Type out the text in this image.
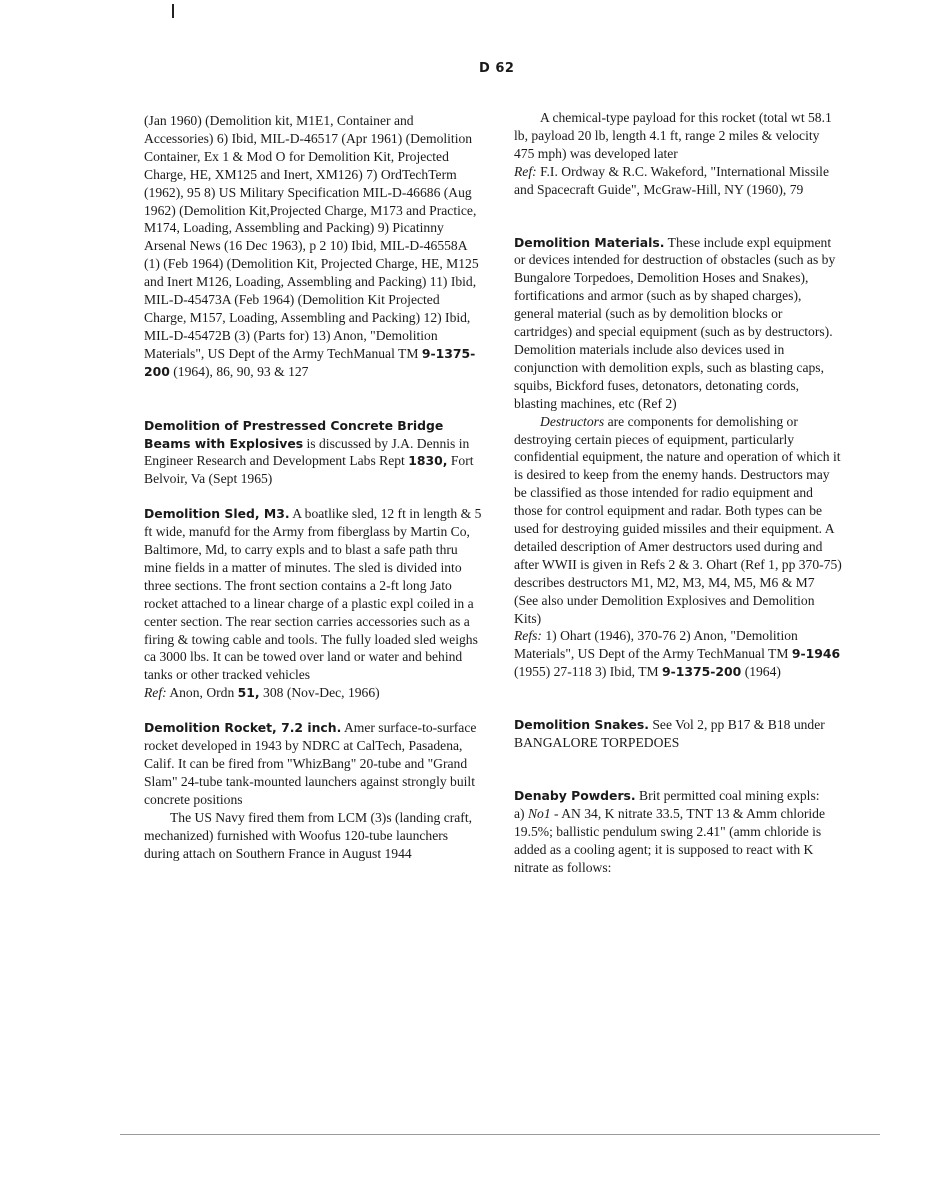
D 62

(Jan 1960) (Demolition kit, M1E1, Container and Accessories) 6) Ibid, MIL-D-46517 (Apr 1961) (Demolition Container, Ex 1 & Mod O for Demolition Kit, Projected Charge, HE, XM125 and Inert, XM126) 7) OrdTechTerm (1962), 95 8) US Military Specification MIL-D-46686 (Aug 1962) (Demolition Kit,Projected Charge, M173 and Practice, M174, Loading, Assembling and Packing) 9) Picatinny Arsenal News (16 Dec 1963), p 2 10) Ibid, MIL-D-46558A (1) (Feb 1964) (Demolition Kit, Projected Charge, HE, M125 and Inert M126, Loading, Assembling and Packing) 11) Ibid, MIL-D-45473A (Feb 1964) (Demolition Kit Projected Charge, M157, Loading, Assembling and Packing) 12) Ibid, MIL-D-45472B (3) (Parts for) 13) Anon, "Demolition Materials", US Dept of the Army TechManual TM 9-1375-200 (1964), 86, 90, 93 & 127

Demolition of Prestressed Concrete Bridge Beams with Explosives is discussed by J.A. Dennis in Engineer Research and Development Labs Rept 1830, Fort Belvoir, Va (Sept 1965)

Demolition Sled, M3. A boatlike sled, 12 ft in length & 5 ft wide, manufd for the Army from fiberglass by Martin Co, Baltimore, Md, to carry expls and to blast a safe path thru mine fields in a matter of minutes. The sled is divided into three sections. The front section contains a 2-ft long Jato rocket attached to a linear charge of a plastic expl coiled in a center section. The rear section carries accessories such as a firing & towing cable and tools. The fully loaded sled weighs ca 3000 lbs. It can be towed over land or water and behind tanks or other tracked vehicles

Ref: Anon, Ordn 51, 308 (Nov-Dec, 1966)

Demolition Rocket, 7.2 inch. Amer surface-to-surface rocket developed in 1943 by NDRC at CalTech, Pasadena, Calif. It can be fired from "WhizBang" 20-tube and "Grand Slam" 24-tube tank-mounted launchers against strongly built concrete positions

The US Navy fired them from LCM (3)s (landing craft, mechanized) furnished with Woofus 120-tube launchers during attach on Southern France in August 1944

A chemical-type payload for this rocket (total wt 58.1 lb, payload 20 lb, length 4.1 ft, range 2 miles & velocity 475 mph) was developed later

Ref: F.I. Ordway & R.C. Wakeford, "International Missile and Spacecraft Guide", McGraw-Hill, NY (1960), 79

Demolition Materials. These include expl equipment or devices intended for destruction of obstacles (such as by Bungalore Torpedoes, Demolition Hoses and Snakes), fortifications and armor (such as by shaped charges), general material (such as by demolition blocks or cartridges) and special equipment (such as by destructors). Demolition materials include also devices used in conjunction with demolition expls, such as blasting caps, squibs, Bickford fuses, detonators, detonating cords, blasting machines, etc (Ref 2)

Destructors are components for demolishing or destroying certain pieces of equipment, particularly confidential equipment, the nature and operation of which it is desired to keep from the enemy hands. Destructors may be classified as those intended for radio equipment and those for control equipment and radar. Both types can be used for destroying guided missiles and their equipment. A detailed description of Amer destructors used during and after WWII is given in Refs 2 & 3. Ohart (Ref 1, pp 370-75) describes destructors M1, M2, M3, M4, M5, M6 & M7 (See also under Demolition Explosives and Demolition Kits)

Refs: 1) Ohart (1946), 370-76 2) Anon, "Demolition Materials", US Dept of the Army TechManual TM 9-1946 (1955) 27-118 3) Ibid, TM 9-1375-200 (1964)

Demolition Snakes. See Vol 2, pp B17 & B18 under BANGALORE TORPEDOES

Denaby Powders. Brit permitted coal mining expls:

a) No1 - AN 34, K nitrate 33.5, TNT 13 & Amm chloride 19.5%; ballistic pendulum swing 2.41" (amm chloride is added as a cooling agent; it is supposed to react with K nitrate as follows:
